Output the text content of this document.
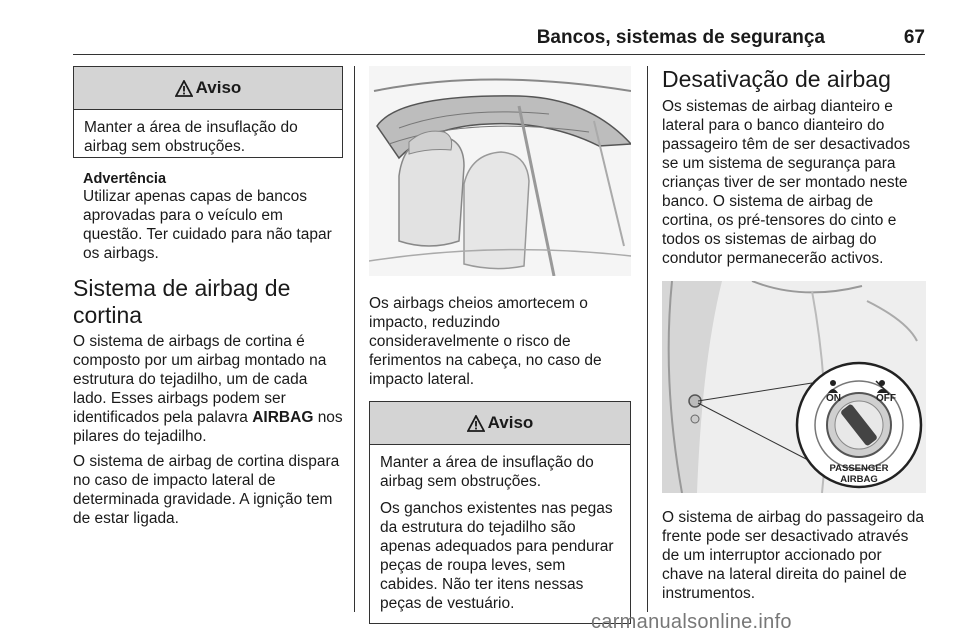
Bancos, sistemas de segurança	67
Aviso

Manter a área de insuflação do airbag sem obstruções.

Advertência

Utilizar apenas capas de bancos aprovadas para o veículo em questão. Ter cuidado para não tapar os airbags.

Sistema de airbag de cortina

O sistema de airbags de cortina é composto por um airbag montado na estrutura do tejadilho, um de cada lado. Esses airbags podem ser identificados pela palavra AIRBAG nos pilares do tejadilho.

O sistema de airbag de cortina dispara no caso de impacto lateral de determinada gravidade. A ignição tem de estar ligada.

Os airbags cheios amortecem o impacto, reduzindo consideravelmente o risco de ferimentos na cabeça, no caso de impacto lateral.

Aviso

Manter a área de insuflação do airbag sem obstruções.

Os ganchos existentes nas pegas da estrutura do tejadilho são apenas adequados para pendurar peças de roupa leves, sem cabides. Não ter itens nessas peças de vestuário.

Desativação de airbag

Os sistemas de airbag dianteiro e lateral para o banco dianteiro do passageiro têm de ser desactivados se um sistema de segurança para crianças tiver de ser montado neste banco. O sistema de airbag de cortina, os pré-tensores do cinto e todos os sistemas de airbag do condutor permanecerão activos.

ON	OFF
PASSENGER
AIRBAG

O sistema de airbag do passageiro da frente pode ser desactivado através de um interruptor accionado por chave na lateral direita do painel de instrumentos.

carmanualsonline.info
